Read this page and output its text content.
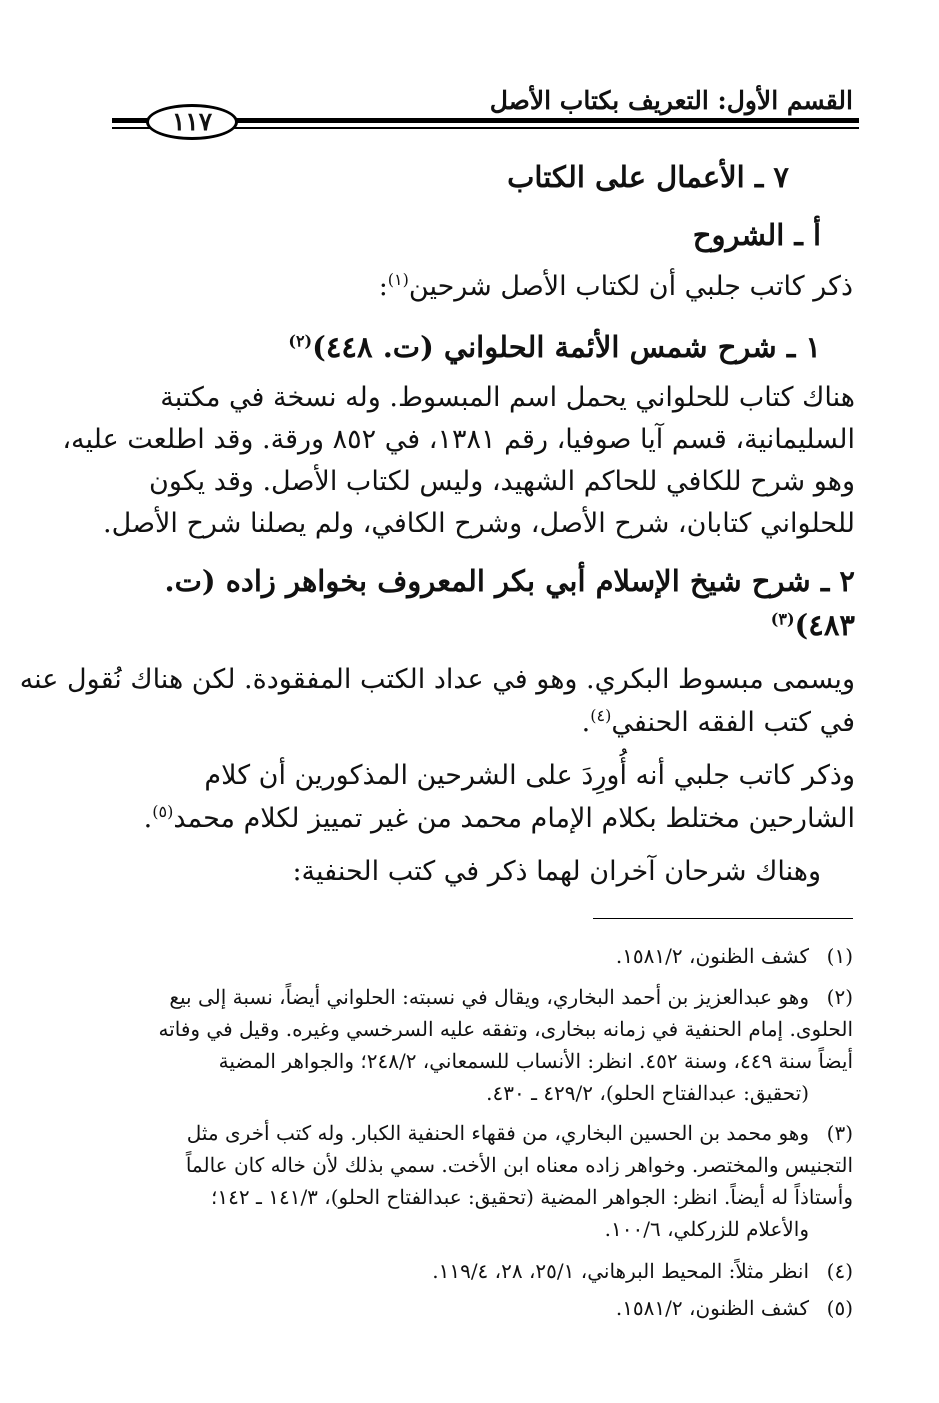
القسم الأول: التعريف بكتاب الأصل
١١٧
٧ ـ الأعمال على الكتاب
أ ـ الشروح
ذكر كاتب جلبي أن لكتاب الأصل شرحين$^{(١)}$:
١ ـ شرح شمس الأئمة الحلواني (ت. ٤٤٨)$^{(٢)}$
هناك كتاب للحلواني يحمل اسم المبسوط. وله نسخة في مكتبة
السليمانية، قسم آيا صوفيا، رقم ١٣٨١، في ٨٥٢ ورقة. وقد اطلعت عليه،
وهو شرح للكافي للحاكم الشهيد، وليس لكتاب الأصل. وقد يكون
للحلواني كتابان، شرح الأصل، وشرح الكافي، ولم يصلنا شرح الأصل.
٢ ـ شرح شيخ الإسلام أبي بكر المعروف بخواهر زاده (ت.
٤٨٣)$^{(٣)}$
ويسمى مبسوط البكري. وهو في عداد الكتب المفقودة. لكن هناك نُقول عنه
في كتب الفقه الحنفي$^{(٤)}$.
وذكر كاتب جلبي أنه أُورِدَ على الشرحين المذكورين أن كلام
الشارحين مختلط بكلام الإمام محمد من غير تمييز لكلام محمد$^{(٥)}$.
وهناك شرحان آخران لهما ذكر في كتب الحنفية:
(١)كشف الظنون، ١٥٨١/٢.
(٢)وهو عبدالعزيز بن أحمد البخاري، ويقال في نسبته: الحلواني أيضاً، نسبة إلى بيع
الحلوى. إمام الحنفية في زمانه ببخارى، وتفقه عليه السرخسي وغيره. وقيل في وفاته
أيضاً سنة ٤٤٩، وسنة ٤٥٢. انظر: الأنساب للسمعاني، ٢٤٨/٢؛ والجواهر المضية
(تحقيق: عبدالفتاح الحلو)، ٤٢٩/٢ ـ ٤٣٠.
(٣)وهو محمد بن الحسين البخاري، من فقهاء الحنفية الكبار. وله كتب أخرى مثل
التجنيس والمختصر. وخواهر زاده معناه ابن الأخت. سمي بذلك لأن خاله كان عالماً
وأستاذاً له أيضاً. انظر: الجواهر المضية (تحقيق: عبدالفتاح الحلو)، ١٤١/٣ ـ ١٤٢؛
والأعلام للزركلي، ١٠٠/٦.
(٤)انظر مثلاً: المحيط البرهاني، ٢٥/١، ٢٨، ١١٩/٤.
(٥)كشف الظنون، ١٥٨١/٢.
